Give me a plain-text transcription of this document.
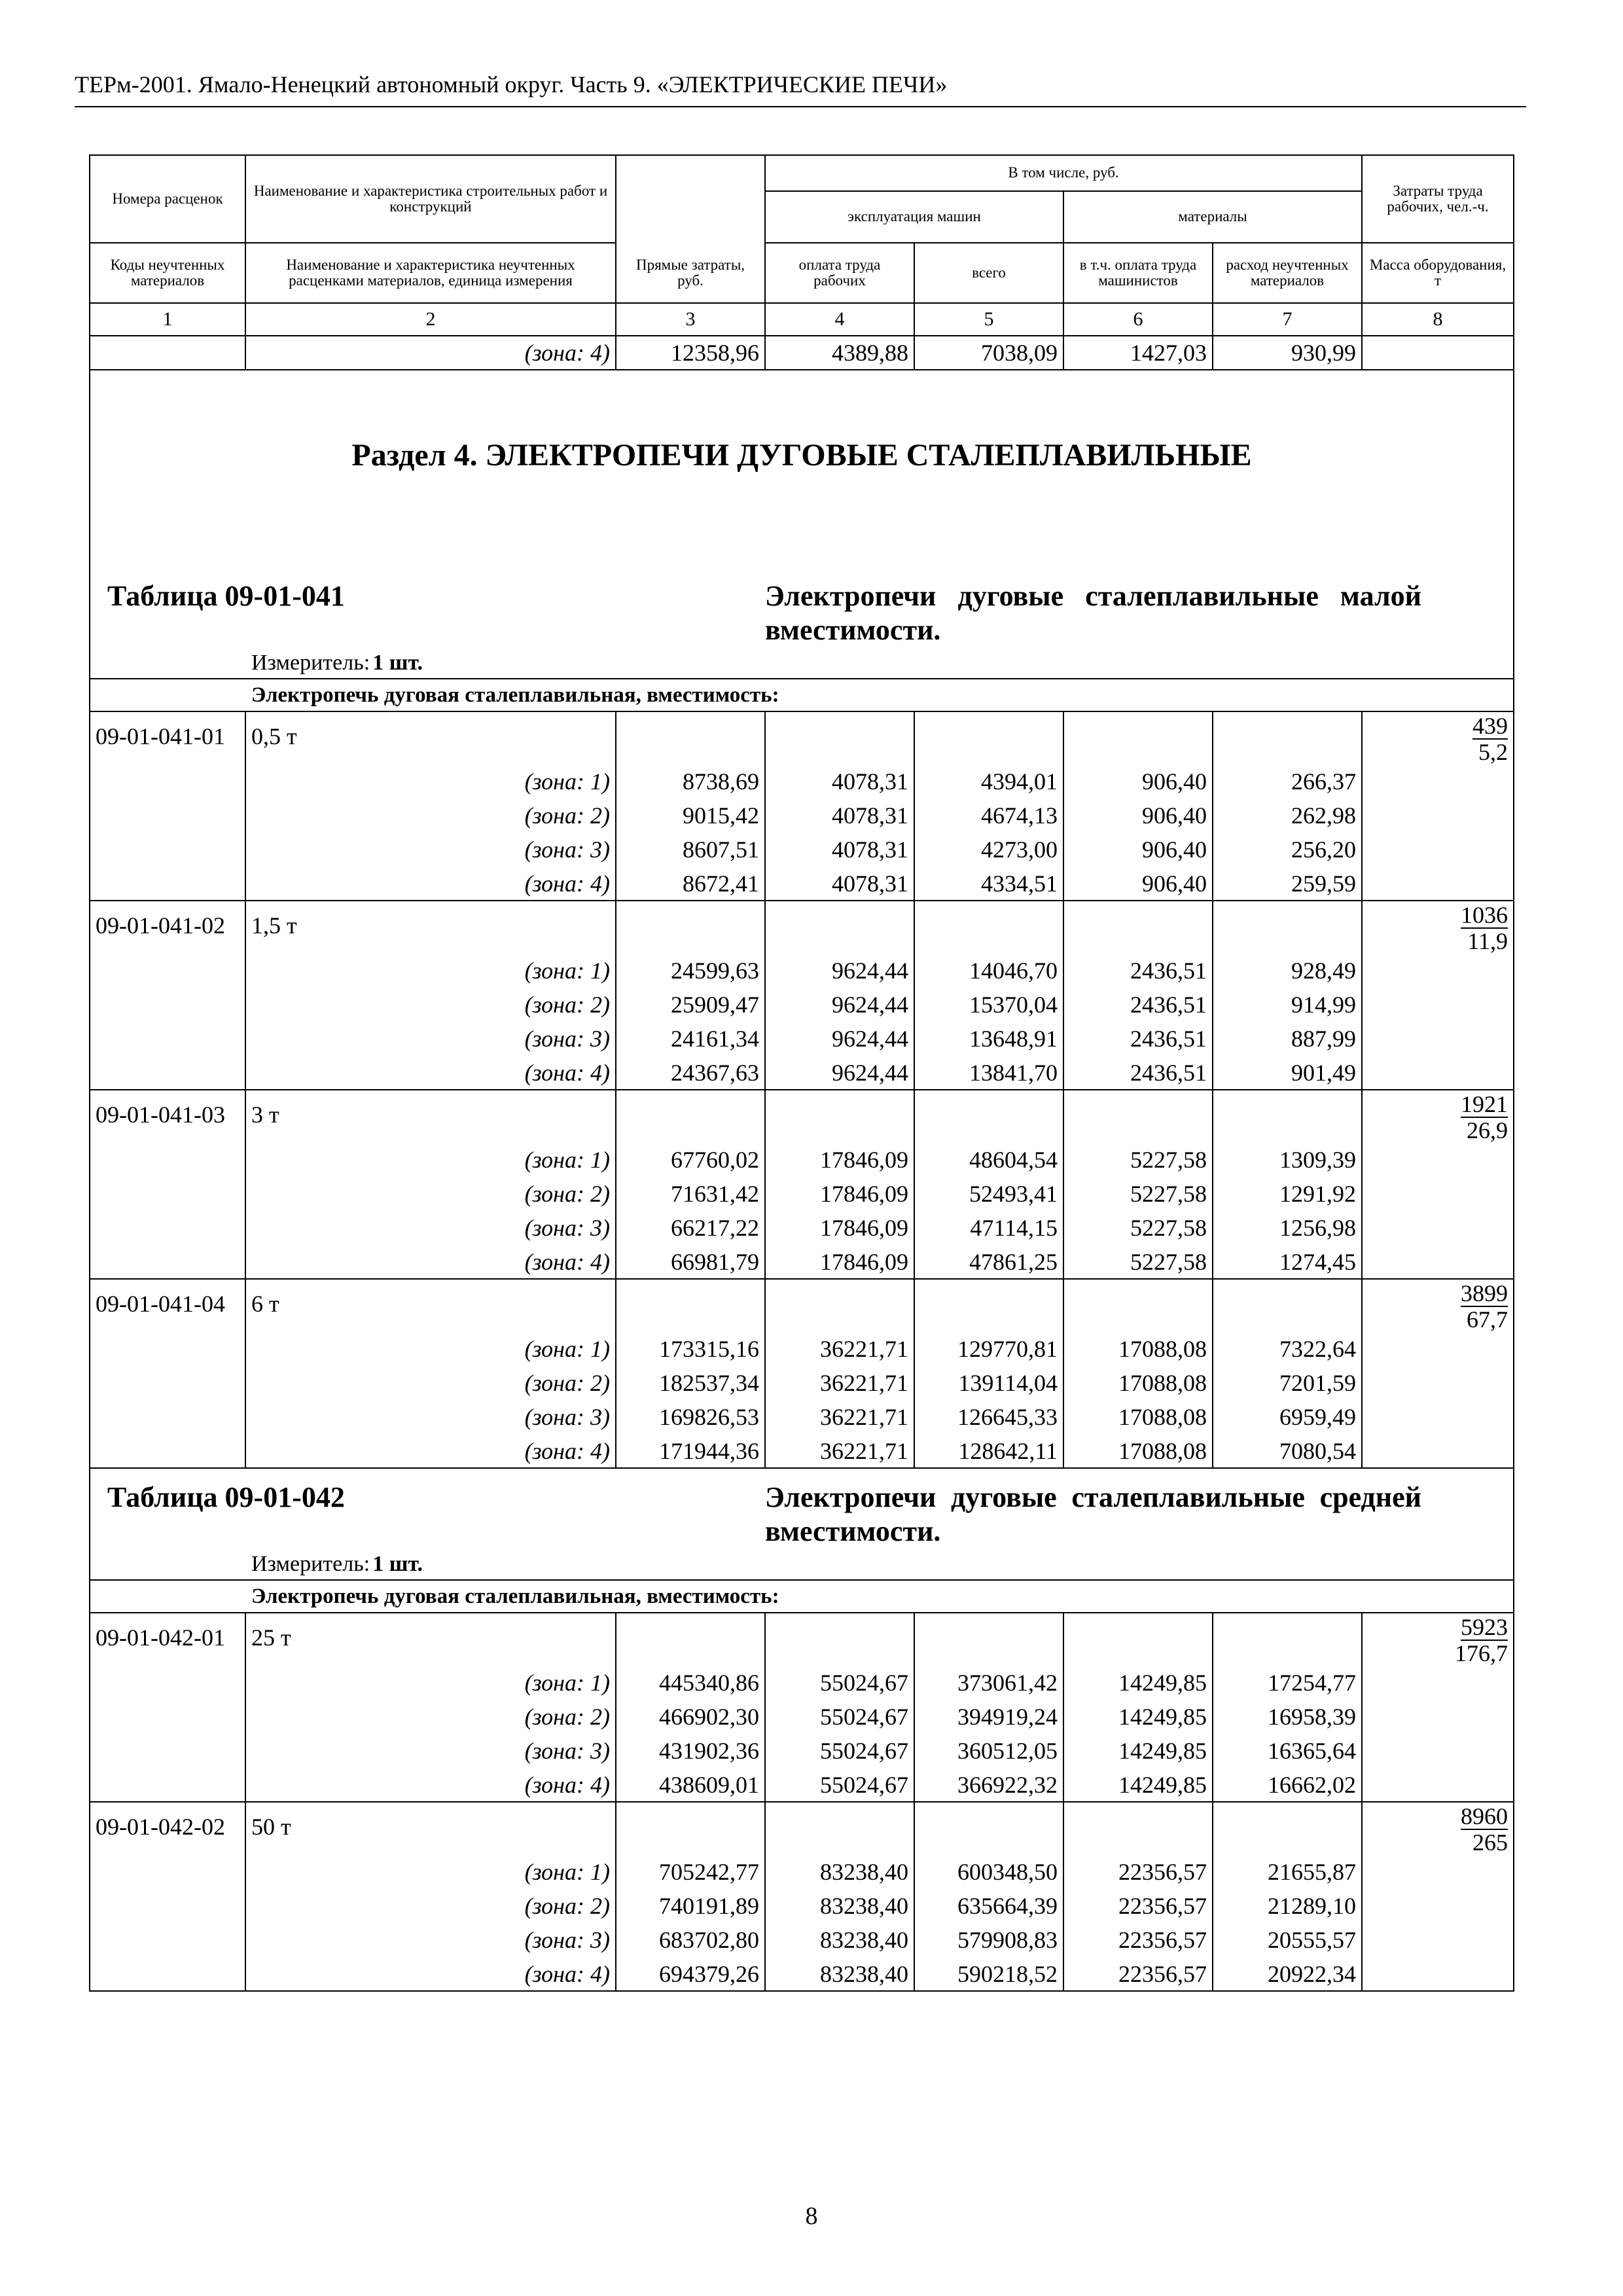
ТЕРм-2001. Ямало-Ненецкий автономный округ. Часть 9. «ЭЛЕКТРИЧЕСКИЕ ПЕЧИ»
Номера расценок	Наименование и характеристика строительных работ и конструкций		В том числе, руб.				Затраты труда рабочих, чел.-ч.
			эксплуатация машин		материалы		
Коды неучтенных материалов	Наименование и характеристика неучтенных расценками материалов, единица измерения	Прямые затраты, руб.	оплата труда рабочих	всего	в т.ч. оплата труда машинистов	расход неучтенных материалов	Масса оборудования, т
1	2	3	4	5	6	7	8
	(зона: 4)	12358,96	4389,88	7038,09	1427,03	930,99	
Раздел 4. ЭЛЕКТРОПЕЧИ ДУГОВЫЕ СТАЛЕПЛАВИЛЬНЫЕ							
Таблица 09-01-041			Электропечи дуговые сталеплавильные малой вместимости.				

Измеритель: 1 шт.							
Электропечь дуговая сталеплавильная, вместимость:							
09-01-041-01	0,5 т						$\frac{439}{5,2}$

	(зона: 1)	8738,69	4078,31	4394,01	906,40	266,37	
	(зона: 2)	9015,42	4078,31	4674,13	906,40	262,98	
	(зона: 3)	8607,51	4078,31	4273,00	906,40	256,20	
	(зона: 4)	8672,41	4078,31	4334,51	906,40	259,59	
09-01-041-02	1,5 т						$\frac{1036}{11,9}$

	(зона: 1)	24599,63	9624,44	14046,70	2436,51	928,49	
	(зона: 2)	25909,47	9624,44	15370,04	2436,51	914,99	
	(зона: 3)	24161,34	9624,44	13648,91	2436,51	887,99	
	(зона: 4)	24367,63	9624,44	13841,70	2436,51	901,49	
09-01-041-03	3 т						$\frac{1921}{26,9}$

	(зона: 1)	67760,02	17846,09	48604,54	5227,58	1309,39	
	(зона: 2)	71631,42	17846,09	52493,41	5227,58	1291,92	
	(зона: 3)	66217,22	17846,09	47114,15	5227,58	1256,98	
	(зона: 4)	66981,79	17846,09	47861,25	5227,58	1274,45	
09-01-041-04	6 т						$\frac{3899}{67,7}$

	(зона: 1)	173315,16	36221,71	129770,81	17088,08	7322,64	
	(зона: 2)	182537,34	36221,71	139114,04	17088,08	7201,59	
	(зона: 3)	169826,53	36221,71	126645,33	17088,08	6959,49	
	(зона: 4)	171944,36	36221,71	128642,11	17088,08	7080,54	
Таблица 09-01-042			Электропечи дуговые сталеплавильные средней вместимости.				

Измеритель: 1 шт.							
Электропечь дуговая сталеплавильная, вместимость:							
09-01-042-01	25 т						$\frac{5923}{176,7}$

	(зона: 1)	445340,86	55024,67	373061,42	14249,85	17254,77	
	(зона: 2)	466902,30	55024,67	394919,24	14249,85	16958,39	
	(зона: 3)	431902,36	55024,67	360512,05	14249,85	16365,64	
	(зона: 4)	438609,01	55024,67	366922,32	14249,85	16662,02	
09-01-042-02	50 т						$\frac{8960}{265}$

	(зона: 1)	705242,77	83238,40	600348,50	22356,57	21655,87	
	(зона: 2)	740191,89	83238,40	635664,39	22356,57	21289,10	
	(зона: 3)	683702,80	83238,40	579908,83	22356,57	20555,57	
	(зона: 4)	694379,26	83238,40	590218,52	22356,57	20922,34	
8
